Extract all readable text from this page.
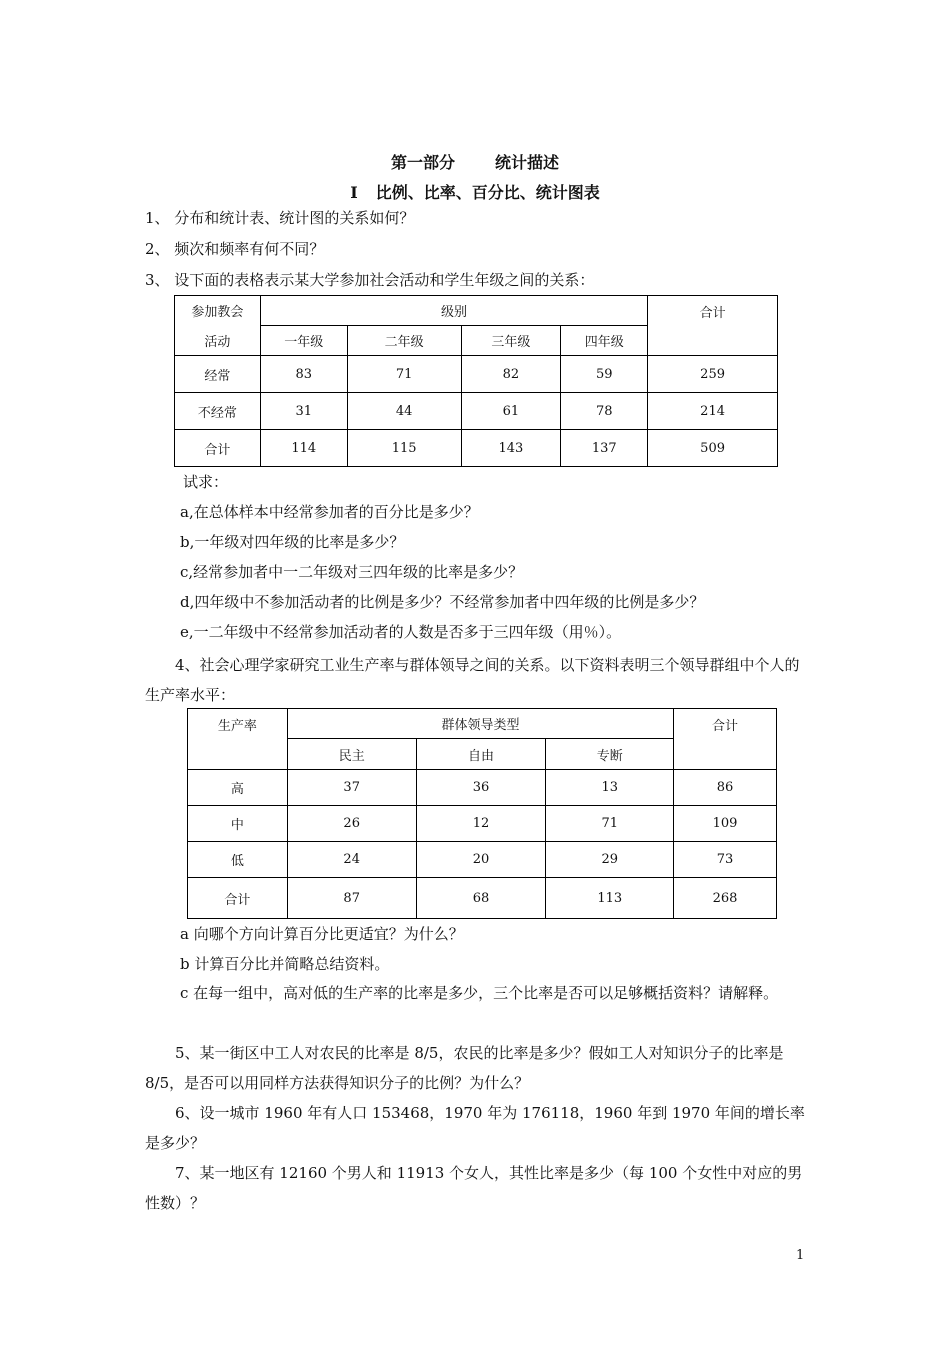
第一部分	统计描述
I 比例、比率、百分比、统计图表
1、 分布和统计表、统计图的关系如何？
2、 频次和频率有何不同？
3、 设下面的表格表示某大学参加社会活动和学生年级之间的关系：
参加教会	级别				合计
活动	一年级	二年级	三年级	四年级	
经常	83	71	82	59	259
不经常	31	44	61	78	214
合计	114	115	143	137	509
试求：
a,在总体样本中经常参加者的百分比是多少？
b,一年级对四年级的比率是多少？
c,经常参加者中一二年级对三四年级的比率是多少？
d,四年级中不参加活动者的比例是多少？不经常参加者中四年级的比例是多少？
e,一二年级中不经常参加活动者的人数是否多于三四年级（用％）。
4、社会心理学家研究工业生产率与群体领导之间的关系。以下资料表明三个领导群组中个人的生产率水平：
生产率	群体领导类型			合计
	民主	自由	专断	
高	37	36	13	86
中	26	12	71	109
低	24	20	29	73
合计	87	68	113	268
a 向哪个方向计算百分比更适宜？为什么？
b 计算百分比并简略总结资料。
c 在每一组中，高对低的生产率的比率是多少，三个比率是否可以足够概括资料？请解释。
5、某一街区中工人对农民的比率是 8/5，农民的比率是多少？假如工人对知识分子的比率是 8/5，是否可以用同样方法获得知识分子的比例？为什么？
6、设一城市 1960 年有人口 153468，1970 年为 176118，1960 年到 1970 年间的增长率是多少？
7、某一地区有 12160 个男人和 11913 个女人，其性比率是多少（每 100 个女性中对应的男性数）？
1
